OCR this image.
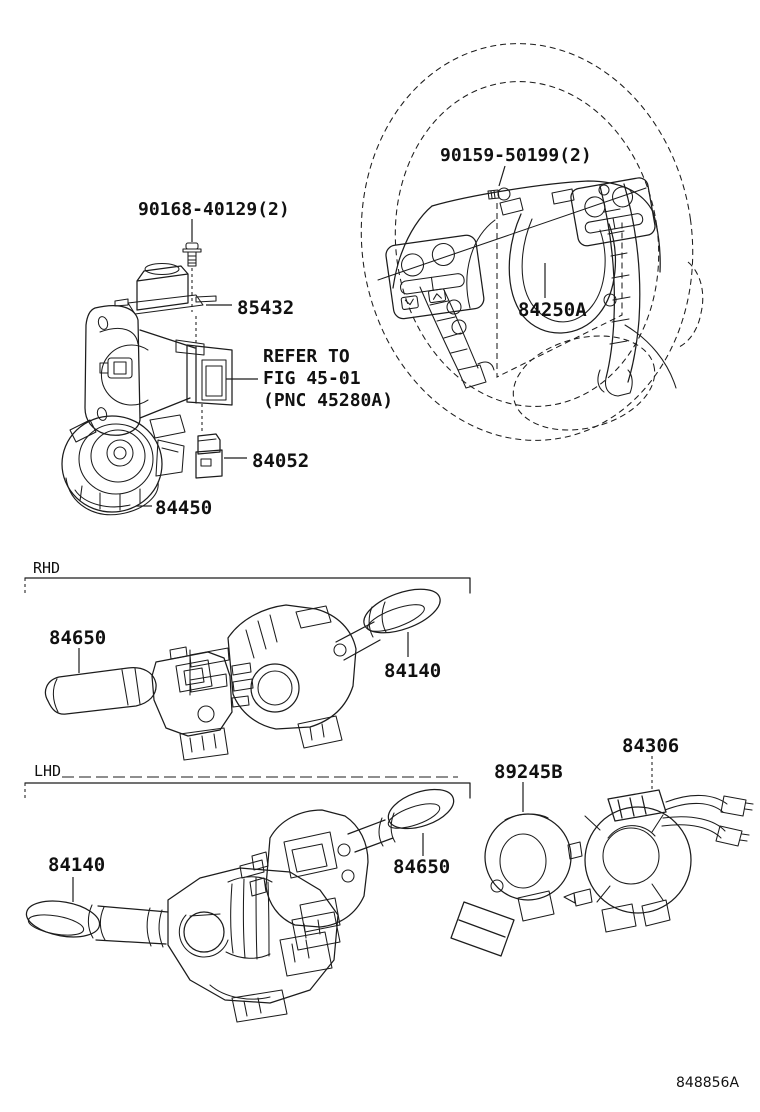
90168-40129(2)
85432
REFER TO
FIG 45-01
(PNC 45280A)
84052
84450
90159-50199(2)
84250A
RHD
84650
84140
LHD
84140	84650
89245B
84306
848856A
